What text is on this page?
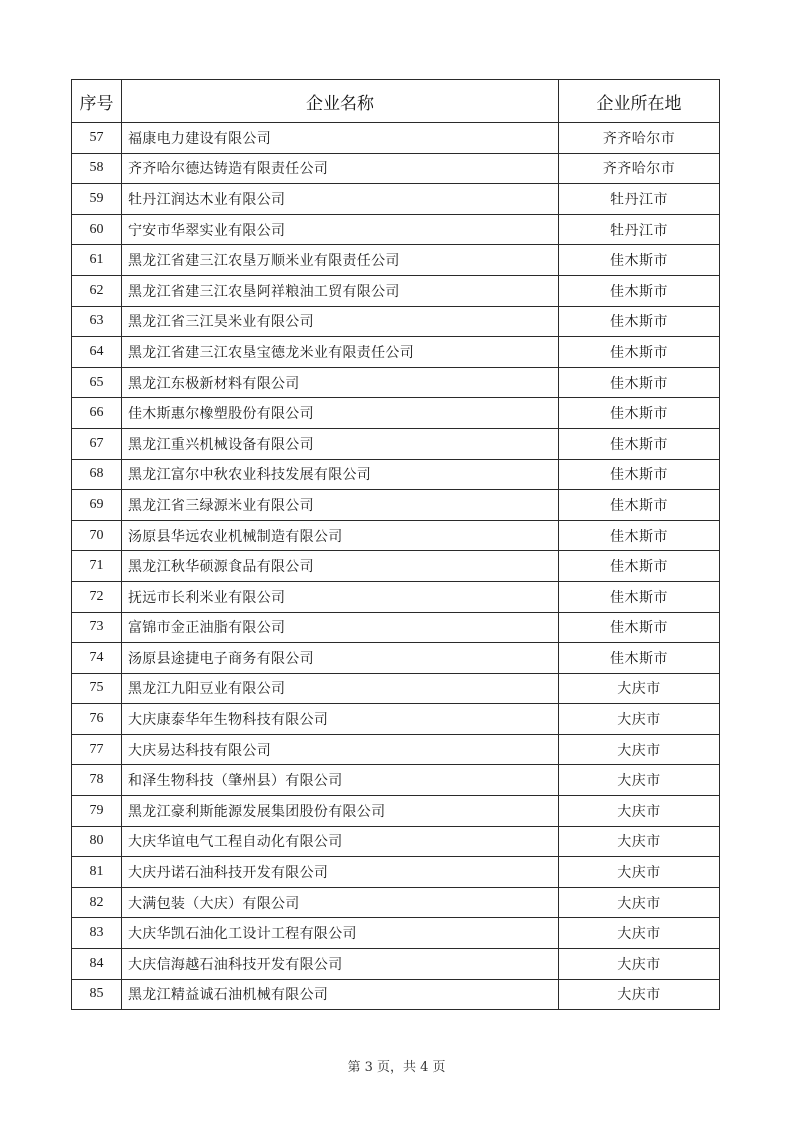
序号	企业名称	企业所在地
57	福康电力建设有限公司	齐齐哈尔市
58	齐齐哈尔德达铸造有限责任公司	齐齐哈尔市
59	牡丹江润达木业有限公司	牡丹江市
60	宁安市华翠实业有限公司	牡丹江市
61	黑龙江省建三江农垦万顺米业有限责任公司	佳木斯市
62	黑龙江省建三江农垦阿祥粮油工贸有限公司	佳木斯市
63	黑龙江省三江昊米业有限公司	佳木斯市
64	黑龙江省建三江农垦宝德龙米业有限责任公司	佳木斯市
65	黑龙江东极新材料有限公司	佳木斯市
66	佳木斯惠尔橡塑股份有限公司	佳木斯市
67	黑龙江重兴机械设备有限公司	佳木斯市
68	黑龙江富尔中秋农业科技发展有限公司	佳木斯市
69	黑龙江省三绿源米业有限公司	佳木斯市
70	汤原县华远农业机械制造有限公司	佳木斯市
71	黑龙江秋华硕源食品有限公司	佳木斯市
72	抚远市长利米业有限公司	佳木斯市
73	富锦市金正油脂有限公司	佳木斯市
74	汤原县途捷电子商务有限公司	佳木斯市
75	黑龙江九阳豆业有限公司	大庆市
76	大庆康泰华年生物科技有限公司	大庆市
77	大庆易达科技有限公司	大庆市
78	和泽生物科技（肇州县）有限公司	大庆市
79	黑龙江豪利斯能源发展集团股份有限公司	大庆市
80	大庆华谊电气工程自动化有限公司	大庆市
81	大庆丹诺石油科技开发有限公司	大庆市
82	大满包装（大庆）有限公司	大庆市
83	大庆华凯石油化工设计工程有限公司	大庆市
84	大庆信海越石油科技开发有限公司	大庆市
85	黑龙江精益诚石油机械有限公司	大庆市
第 3 页，共 4 页
